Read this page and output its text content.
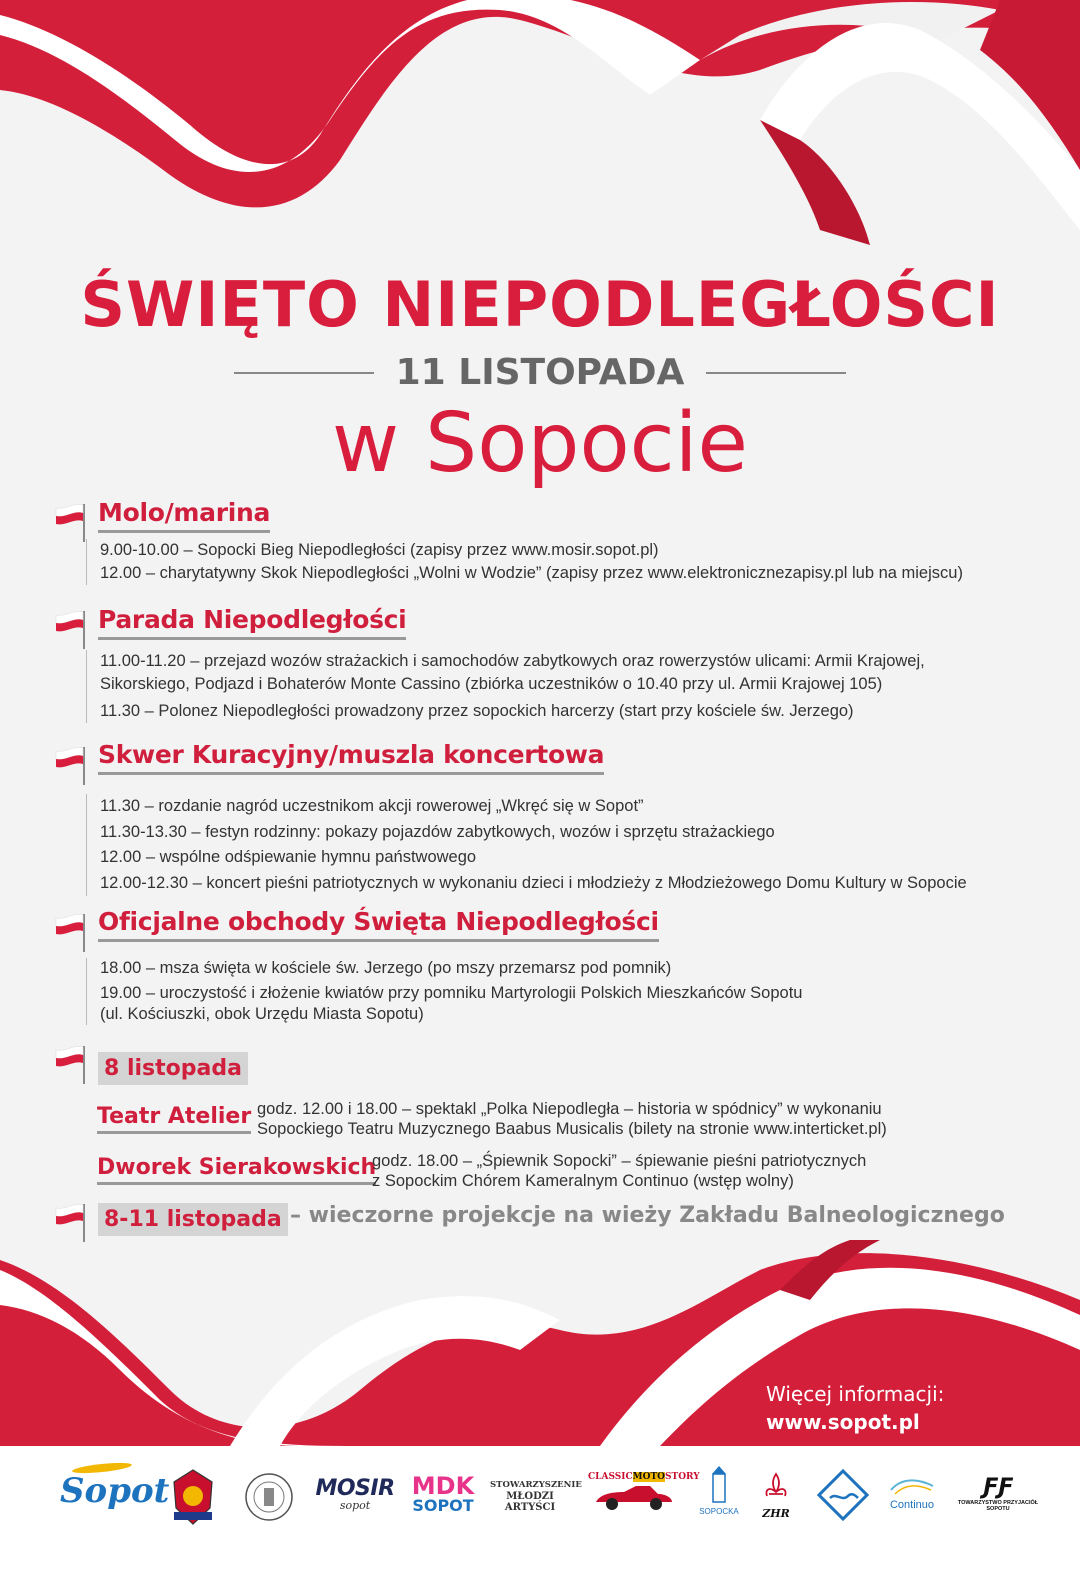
ŚWIĘTO NIEPODLEGŁOŚCI
11 LISTOPADA
w Sopocie
Molo/marina

9.00-10.00 – Sopocki Bieg Niepodległości (zapisy przez www.mosir.sopot.pl)

12.00 – charytatywny Skok Niepodległości „Wolni w Wodzie” (zapisy przez www.elektronicznezapisy.pl lub na miejscu)

Parada Niepodległości

11.00-11.20 – przejazd wozów strażackich i samochodów zabytkowych oraz rowerzystów ulicami: Armii Krajowej,

Sikorskiego, Podjazd i Bohaterów Monte Cassino (zbiórka uczestników o 10.40 przy ul. Armii Krajowej 105)

11.30 – Polonez Niepodległości prowadzony przez sopockich harcerzy (start przy kościele św. Jerzego)

Skwer Kuracyjny/muszla koncertowa

11.30 – rozdanie nagród uczestnikom akcji rowerowej „Wkręć się w Sopot”

11.30-13.30 – festyn rodzinny: pokazy pojazdów zabytkowych, wozów i sprzętu strażackiego

12.00 – wspólne odśpiewanie hymnu państwowego

12.00-12.30 – koncert pieśni patriotycznych w wykonaniu dzieci i młodzieży z Młodzieżowego Domu Kultury w Sopocie

Oficjalne obchody Święta Niepodległości

18.00 – msza święta w kościele św. Jerzego (po mszy przemarsz pod pomnik)

19.00 – uroczystość i złożenie kwiatów przy pomniku Martyrologii Polskich Mieszkańców Sopotu

(ul. Kościuszki, obok Urzędu Miasta Sopotu)

8 listopada
Teatr Atelier godz. 12.00 i 18.00 – spektakl „Polka Niepodległa – historia w spódnicy” w wykonaniu

Sopockiego Teatru Muzycznego Baabus Musicalis (bilety na stronie www.interticket.pl)

Dworek Sierakowskich

godz. 18.00 – „Śpiewnik Sopocki” – śpiewanie pieśni patriotycznych

z Sopockim Chórem Kameralnym Continuo (wstęp wolny)

8-11 listopada – wieczorne projekcje na wieży Zakładu Balneologicznego
Więcej informacji:
www.sopot.pl
Sopot	MOSIR
sopot
MDK
SOPOT
STOWARZYSZENIE
MŁODZI ARTYŚCI
CLASSICMOTOSTORY
SOPOCKA	ZHR
Continuo
ƑƑ
TOWARZYSTWO PRZYJACIÓŁ SOPOTU
